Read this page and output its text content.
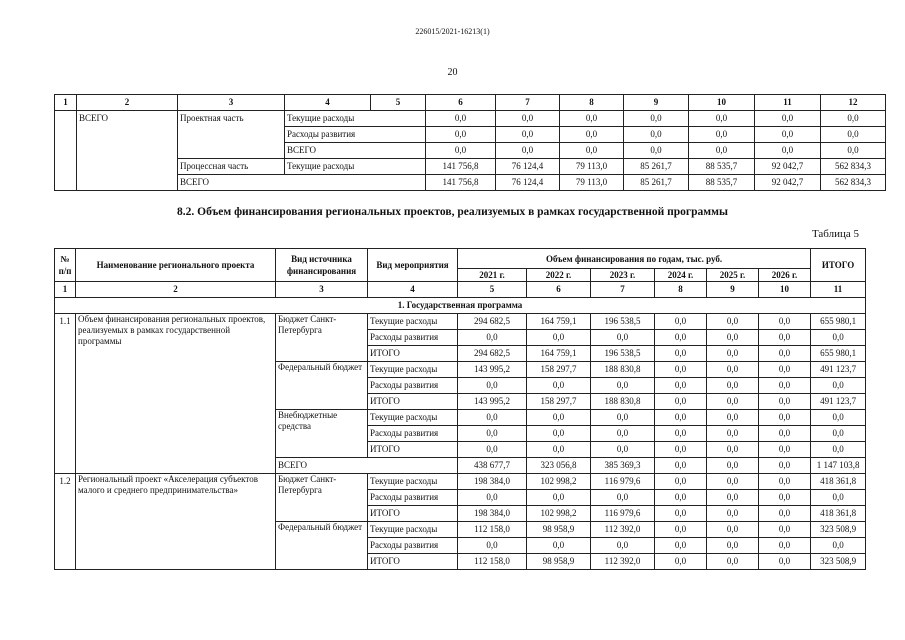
226015/2021-16213(1)
20
1	2	3	4	5	6	7	8	9	10	11	12
	ВСЕГО	Проектная часть	Текущие расходы		0,0	0,0	0,0	0,0	0,0	0,0	0,0
			Расходы развития		0,0	0,0	0,0	0,0	0,0	0,0	0,0
			ВСЕГО		0,0	0,0	0,0	0,0	0,0	0,0	0,0
		Процессная часть	Текущие расходы		141 756,8	76 124,4	79 113,0	85 261,7	88 535,7	92 042,7	562 834,3
		ВСЕГО			141 756,8	76 124,4	79 113,0	85 261,7	88 535,7	92 042,7	562 834,3
8.2. Объем финансирования региональных проектов, реализуемых в рамках государственной программы
Таблица 5
№ п/п	Наименование регионального проекта	Вид источника финансирования	Вид мероприятия	Объем финансирования по годам, тыс. руб.						ИТОГО
				2021 г.	2022 г.	2023 г.	2024 г.	2025 г.	2026 г.	
1	2	3	4	5	6	7	8	9	10	11
1. Государственная программа										
1.1	Объем финансирования региональных проектов, реализуемых в рамках государственной программы	Бюджет Санкт-Петербурга	Текущие расходы	294 682,5	164 759,1	196 538,5	0,0	0,0	0,0	655 980,1
			Расходы развития	0,0	0,0	0,0	0,0	0,0	0,0	0,0
			ИТОГО	294 682,5	164 759,1	196 538,5	0,0	0,0	0,0	655 980,1
		Федеральный бюджет	Текущие расходы	143 995,2	158 297,7	188 830,8	0,0	0,0	0,0	491 123,7
			Расходы развития	0,0	0,0	0,0	0,0	0,0	0,0	0,0
			ИТОГО	143 995,2	158 297,7	188 830,8	0,0	0,0	0,0	491 123,7
		Внебюджетные средства	Текущие расходы	0,0	0,0	0,0	0,0	0,0	0,0	0,0
			Расходы развития	0,0	0,0	0,0	0,0	0,0	0,0	0,0
			ИТОГО	0,0	0,0	0,0	0,0	0,0	0,0	0,0
		ВСЕГО		438 677,7	323 056,8	385 369,3	0,0	0,0	0,0	1 147 103,8
1.2	Региональный проект «Акселерация субъектов малого и среднего предпринимательства»	Бюджет Санкт-Петербурга	Текущие расходы	198 384,0	102 998,2	116 979,6	0,0	0,0	0,0	418 361,8
			Расходы развития	0,0	0,0	0,0	0,0	0,0	0,0	0,0
			ИТОГО	198 384,0	102 998,2	116 979,6	0,0	0,0	0,0	418 361,8
		Федеральный бюджет	Текущие расходы	112 158,0	98 958,9	112 392,0	0,0	0,0	0,0	323 508,9
			Расходы развития	0,0	0,0	0,0	0,0	0,0	0,0	0,0
			ИТОГО	112 158,0	98 958,9	112 392,0	0,0	0,0	0,0	323 508,9
